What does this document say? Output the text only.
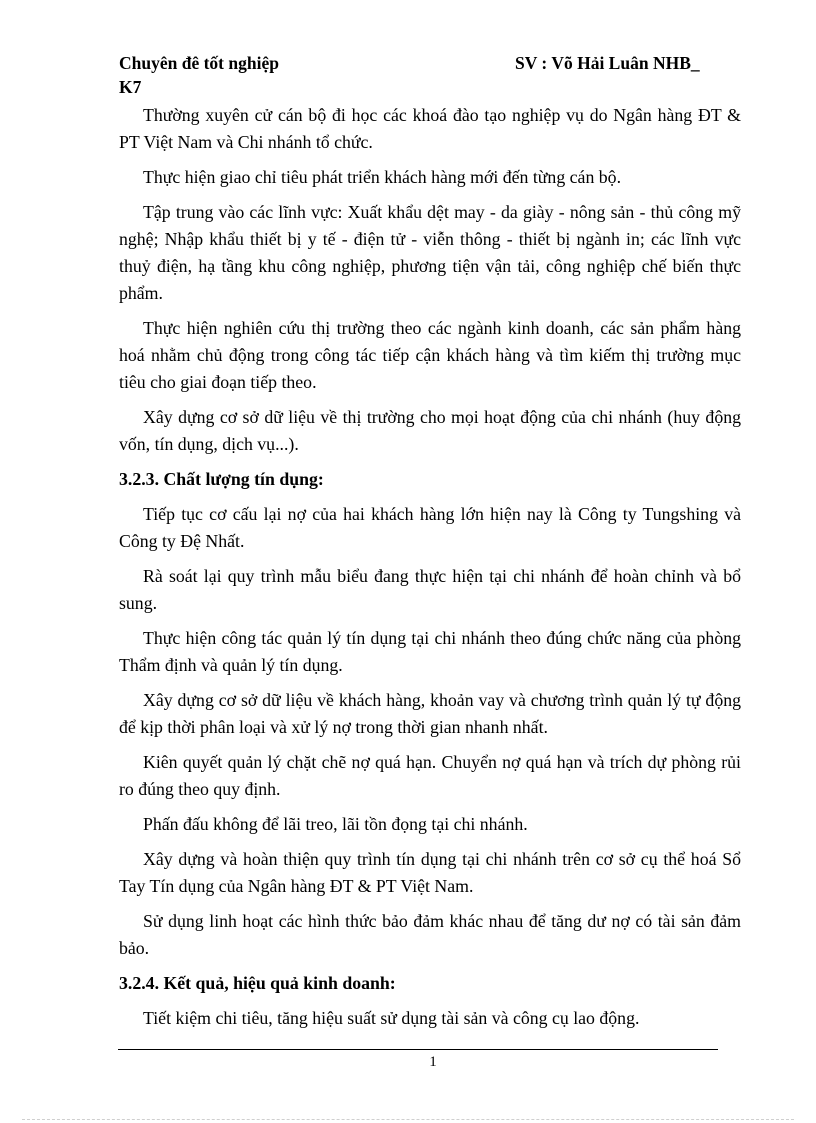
Chuyên đê tốt nghiệp	SV : Võ Hải Luân NHB_
K7

Thường xuyên cử cán bộ đi học các khoá đào tạo nghiệp vụ do Ngân hàng ĐT & PT Việt Nam và Chi nhánh tổ chức.

Thực hiện giao chỉ tiêu phát triển khách hàng mới đến từng cán bộ.

Tập trung vào các lĩnh vực: Xuất khẩu dệt may - da giày - nông sản - thủ công mỹ nghệ; Nhập khẩu thiết bị y tế - điện tử - viễn thông - thiết bị ngành in; các lĩnh vực thuỷ điện, hạ tầng khu công nghiệp, phương tiện vận tải, công nghiệp chế biến thực phẩm.

Thực hiện nghiên cứu thị trường theo các ngành kinh doanh, các sản phẩm hàng hoá nhằm chủ động trong công tác tiếp cận khách hàng và tìm kiếm thị trường mục tiêu cho giai đoạn tiếp theo.

Xây dựng cơ sở dữ liệu về thị trường cho mọi hoạt động của chi nhánh (huy động vốn, tín dụng, dịch vụ...).

3.2.3. Chất lượng tín dụng:

Tiếp tục cơ cấu lại nợ của hai khách hàng lớn hiện nay là Công ty Tungshing và Công ty Đệ Nhất.

Rà soát lại quy trình mẫu biểu đang thực hiện tại chi nhánh để hoàn chỉnh và bổ sung.

Thực hiện công tác quản lý tín dụng tại chi nhánh theo đúng chức năng của phòng Thẩm định và quản lý tín dụng.

Xây dựng cơ sở dữ liệu về khách hàng, khoản vay và chương trình quản lý tự động để kịp thời phân loại và xử lý nợ trong thời gian nhanh nhất.

Kiên quyết quản lý chặt chẽ nợ quá hạn. Chuyển nợ quá hạn và trích dự phòng rủi ro đúng theo quy định.

Phấn đấu không để lãi treo, lãi tồn đọng tại chi nhánh.

Xây dựng và hoàn thiện quy trình tín dụng tại chi nhánh trên cơ sở cụ thể hoá Sổ Tay Tín dụng của Ngân hàng ĐT & PT Việt Nam.

Sử dụng linh hoạt các hình thức bảo đảm khác nhau để tăng dư nợ có tài sản đảm bảo.

3.2.4. Kết quả, hiệu quả kinh doanh:

Tiết kiệm chi tiêu, tăng hiệu suất sử dụng tài sản và công cụ lao động.

1
